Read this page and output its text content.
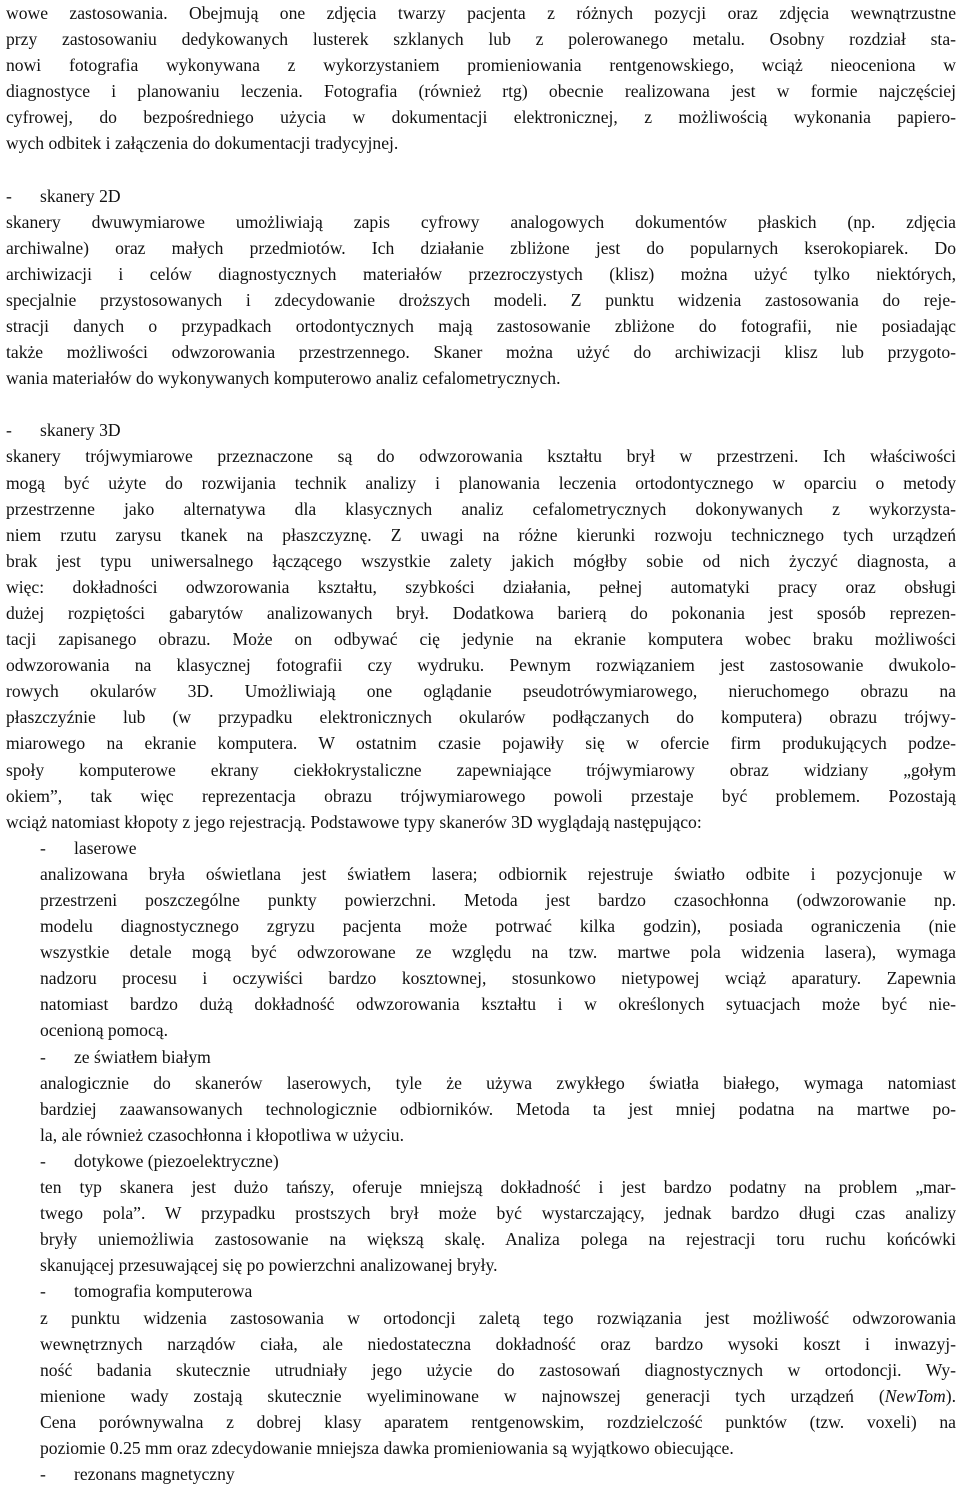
wowe zastosowania. Obejmują one zdjęcia twarzy pacjenta z różnych pozycji oraz zdjęcia wewnątrzustne
przy zastosowaniu dedykowanych lusterek szklanych lub z polerowanego metalu. Osobny rozdział sta-
nowi fotografia wykonywana z wykorzystaniem promieniowania rentgenowskiego, wciąż nieoceniona w
diagnostyce i planowaniu leczenia. Fotografia (również rtg) obecnie realizowana jest w formie najczęściej
cyfrowej, do bezpośredniego użycia w dokumentacji elektronicznej, z możliwością wykonania papiero-
wych odbitek i załączenia do dokumentacji tradycyjnej.
- skanery 2D
skanery dwuwymiarowe umożliwiają zapis cyfrowy analogowych dokumentów płaskich (np. zdjęcia
archiwalne) oraz małych przedmiotów. Ich działanie zbliżone jest do popularnych kserokopiarek. Do
archiwizacji i celów diagnostycznych materiałów przezroczystych (klisz) można użyć tylko niektórych,
specjalnie przystosowanych i zdecydowanie droższych modeli. Z punktu widzenia zastosowania do reje-
stracji danych o przypadkach ortodontycznych mają zastosowanie zbliżone do fotografii, nie posiadając
także możliwości odwzorowania przestrzennego. Skaner można użyć do archiwizacji klisz lub przygoto-
wania materiałów do wykonywanych komputerowo analiz cefalometrycznych.
- skanery 3D
skanery trójwymiarowe przeznaczone są do odwzorowania kształtu brył w przestrzeni. Ich właściwości
mogą być użyte do rozwijania technik analizy i planowania leczenia ortodontycznego w oparciu o metody
przestrzenne jako alternatywa dla klasycznych analiz cefalometrycznych dokonywanych z wykorzysta-
niem rzutu zarysu tkanek na płaszczyznę. Z uwagi na różne kierunki rozwoju technicznego tych urządzeń
brak jest typu uniwersalnego łączącego wszystkie zalety jakich mógłby sobie od nich życzyć diagnosta, a
więc: dokładności odwzorowania kształtu, szybkości działania, pełnej automatyki pracy oraz obsługi
dużej rozpiętości gabarytów analizowanych brył. Dodatkowa barierą do pokonania jest sposób reprezen-
tacji zapisanego obrazu. Może on odbywać cię jedynie na ekranie komputera wobec braku możliwości
odwzorowania na klasycznej fotografii czy wydruku. Pewnym rozwiązaniem jest zastosowanie dwukolo-
rowych okularów 3D. Umożliwiają one oglądanie pseudotrówymiarowego, nieruchomego obrazu na
płaszczyźnie lub (w przypadku elektronicznych okularów podłączanych do komputera) obrazu trójwy-
miarowego na ekranie komputera. W ostatnim czasie pojawiły się w ofercie firm produkujących podze-
społy komputerowe ekrany ciekłokrystaliczne zapewniające trójwymiarowy obraz widziany „gołym
okiem”, tak więc reprezentacja obrazu trójwymiarowego powoli przestaje być problemem. Pozostają
wciąż natomiast kłopoty z jego rejestracją. Podstawowe typy skanerów 3D wyglądają następująco:
- laserowe
analizowana bryła oświetlana jest światłem lasera; odbiornik rejestruje światło odbite i pozycjonuje w
przestrzeni poszczególne punkty powierzchni. Metoda jest bardzo czasochłonna (odwzorowanie np.
modelu diagnostycznego zgryzu pacjenta może potrwać kilka godzin), posiada ograniczenia (nie
wszystkie detale mogą być odwzorowane ze względu na tzw. martwe pola widzenia lasera), wymaga
nadzoru procesu i oczywiści bardzo kosztownej, stosunkowo nietypowej wciąż aparatury. Zapewnia
natomiast bardzo dużą dokładność odwzorowania kształtu i w określonych sytuacjach może być nie-
ocenioną pomocą.
- ze światłem białym
analogicznie do skanerów laserowych, tyle że używa zwykłego światła białego, wymaga natomiast
bardziej zaawansowanych technologicznie odbiorników. Metoda ta jest mniej podatna na martwe po-
la, ale również czasochłonna i kłopotliwa w użyciu.
- dotykowe (piezoelektryczne)
ten typ skanera jest dużo tańszy, oferuje mniejszą dokładność i jest bardzo podatny na problem „mar-
twego pola”. W przypadku prostszych brył może być wystarczający, jednak bardzo długi czas analizy
bryły uniemożliwia zastosowanie na większą skalę. Analiza polega na rejestracji toru ruchu końcówki
skanującej przesuwającej się po powierzchni analizowanej bryły.
- tomografia komputerowa
z punktu widzenia zastosowania w ortodoncji zaletą tego rozwiązania jest możliwość odwzorowania
wewnętrznych narządów ciała, ale niedostateczna dokładność oraz bardzo wysoki koszt i inwazyj-
ność badania skutecznie utrudniały jego użycie do zastosowań diagnostycznych w ortodoncji. Wy-
mienione wady zostają skutecznie wyeliminowane w najnowszej generacji tych urządzeń (NewTom).
Cena porównywalna z dobrej klasy aparatem rentgenowskim, rozdzielczość punktów (tzw. voxeli) na
poziomie 0.25 mm oraz zdecydowanie mniejsza dawka promieniowania są wyjątkowo obiecujące.
- rezonans magnetyczny
